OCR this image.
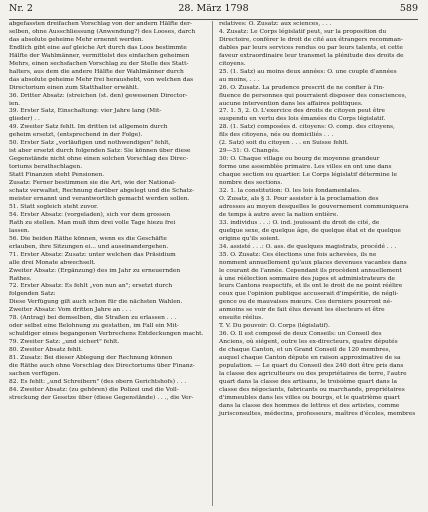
Nr. 2	28. März 1798	589

abgefassten dreifachen Vorschlag von der andern Hälfte der-

selben, ohne Ausschliessung (Anwendung?) des Looses, darch

das absolute geheime Mehr ernennt werden.

Endlich gibt eine auf gleiche Art durch das Loos bestimmte

Hälfte der Wahlmänner, vermittelst des einfachen geheimen

Mehrs, einen sechsfachen Vorschlag zu der Stelle des Statt-

halters, aus dem die andere Hälfte der Wahlmänner durch

das absolute geheime Mehr frei heraushebt, von welchen das

Directorium einen zum Statthalter erwählt.

36. Dritter Absatz: (streichen (st. den) gewesenen Director-

ien.

39. Erster Satz, Einschaltung: vier Jahre lang (Mit-

glieder) . .

49. Zweiter Satz fehlt. Im dritten ist allgemein durch

geheim ersetzt, (entsprechend in der Folge).

50. Erster Satz „vorläufigen und nothwendigen" fehlt,

ist aber ersetzt durch folgenden Satz: Sie können über diese

Gegenstände nicht ohne einen solchen Vorschlag des Direc-

toriums berathschlagen.

Statt Finanzen steht Pensionen.

Zusatz: Ferner bestimmen sie die Art, wie der National-

schatz verwaltet, Rechnung darüber abgelegt und die Schatz-

meister ernannt und verantwortlich gemacht werden sollen.

51. Statt sogleich steht zuvor.

54. Erster Absatz: (vorgeladen), sich vor dem grossen

Rath zu stellen. Man muß ihm drei volle Tage hiezu frei

lassen.

56. Die beiden Räthe können, wenn es die Geschäfte

erlauben, ihre Sitzungen ei... und auseinandergehen.

71. Erster Absatz: Zusatz: unter welchen das Präsidium

alle drei Monate abwechselt.

Zweiter Absatz: (Ergänzung) des im Jahr zu erneuernden

Rathes.

72. Erster Absatz: Es fehlt „von nun an"; ersetzt durch

folgenden Satz:

Diese Verfügung gilt auch schon für die nächsten Wahlen.

Zweiter Absatz: Vom dritten Jahre an . . .

78. (Antrag) bei demselben, die Straßen zu erlassen . . .

oder selbst eine Belohnung zu gestatten, im Fall ein Mit-

schuldiger eines begangenen Verbrechens Entdeckungen macht.

79. Zweiter Satz: „und sichert" fehlt.

80. Zweiter Absatz fehlt.

81. Zusatz: Bei dieser Ablegung der Rechnung können

die Räthe auch ohne Vorschlag des Directoriums über Finanz-

sachen verfügen.

82. Es fehlt: „und Schreibern" (des obern Gerichtshofs) . . .

84. Zweiter Absatz: (zu gehören) die Polizei und die Voll-

streckung der Gesetze über (diese Gegenstände) . . ., die Ver-

relatives: O. Zusatz: aux sciences, . . .

4. Zusatz: Le Corps législatif peut, sur la proposition du

Directoire, conférer le droit de cité aux étrangers recomman-

dables par leurs services rendus ou par leurs talents, et cette

faveur extraordinaire leur transmet la plénitude des droits de

citoyens.

25. (1. Satz) au moins deux années: O. une couple d'années

au moins, . . .

26. O. Zusatz. La prudence prescrit de ne confier à l'in-

fluence de personnes qui pourraient disposer des consciences,

aucune intervention dans les affaires politiques.

27. 1. 5, 2. O. L'exercice des droits de citoyen peut être

suspendu en vertu des lois émanées du Corps législatif.

28. (1. Satz) composées d. citoyens: O. comp. des citoyens,

fils des citoyens, nés ou domiciliés . . .

(2. Satz) soit du citoyen . . . en Suisse fehlt.

29—31: O. Changés.

30: O. Chaque village ou bourg de moyenne grandeur

forme une assemblée primaire. Les villes en ont une dans

chaque section ou quartier. Le Corps législatif détermine le

nombre des sections.

32. 1. la constitution: O. les lois fondamentales.

O. Zusatz, als § 3. Pour assister à la proclamation des

adresses au moyen desquelles le gouvernement communiquera

de temps à autre avec la nation entière.

33. individus . . .: O. ind. jouissant du droit de cité, de

quelque sexe, de quelque âge, de quelque état et de quelque

origine qu'ils soient.

34. assisté . . .: O. ass. de quelques magistrats, procédé . . .

35. O. Zusatz: Ces élections une fois achevées, ils ne

nomment annuellement qu'aux places devenues vacantes dans

le courant de l'année. Cependant ils procèdent annuellement

à une réélection sommaire des juges et administrateurs de

leurs Cantons respectifs, et ils ont le droit de ne point réélire

ceux que l'opinion publique accuserait d'impéritie, de négli-

gence ou de mauvaises mœurs. Ces derniers pourront né-

anmoins se voir de fait élus devant les électeurs et être

ensuite réélus.

T. V. Du pouvoir: O. Corps (législatif).

36. O. Il est composé de deux Conseils: un Conseil des

Anciens, où siégent, outre les ex-directeurs, quatre députés

de chaque Canton, et un Grand Conseil de 120 membres,

auquel chaque Canton députe en raison approximative de sa

population. — Le quart du Conseil des 240 doit être pris dans

la classe des agriculteurs ou des propriétaires de terre, l'autre

quart dans la classe des artisans, le troisième quart dans la

classe des négociants, fabricants ou marchands, propriétaires

d'immeubles dans les villes ou bourgs, et le quatrième quart

dans la classe des hommes de lettres et des artistes, comme

jurisconsultes, médecins, professeurs, maîtres d'écoles, membres
